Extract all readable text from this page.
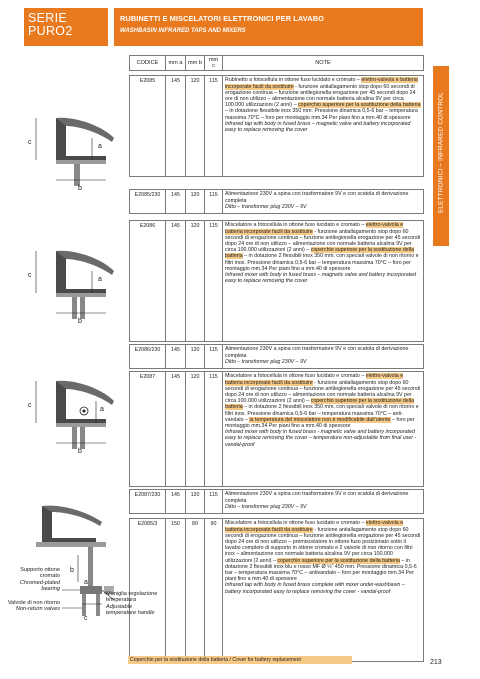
SERIE
PURO2
RUBINETTI E MISCELATORI ELETTRONICI PER LAVABO
WASHBASIN INFRARED TAPS AND MIXERS
ELETTRONICI – INFRARED CONTROL
CODICE	mm a	mm b	mm c	NOTE

E2085	145	120	115	Rubinetto a fotocellula in ottone fuso lucidato e cromato – elettro-valvola e batteria incorporate facili da sostituire - funzione antiallagamento stop dopo 60 secondi di erogazione continua – funzione antilegionella erogazione per 45 secondi dopo 24 ore di non utilizzo – alimentazione con normale batteria alcalina 9V per circa 100.000 utilizzazioni (2 anni) – coperchio superiore per la sostituzione della batteria – in dotazione flessibile inox 350 mm. Pressione dinamica 0,5-6 bar – temperatura massima 70°C – foro per montaggio mm.34 Per piani fino a mm.40 di spessore
Infrared tap with body in fused brass – magnetic valve and battery incorporated easy to replace removing the cover

E2085/230	145	120	115	Alimentazione 230V a spina con trasformatore 9V e con scatola di derivazione completa
Ditto – transformer plug 230V – 9V

E2086	145	120	115	Miscelatore a fotocellula in ottone fuso lucidato e cromato – elettro-valvola e batteria incorporate facili da sostituire - funzione antiallagamento stop dopo 60 secondi di erogazione continua – funzione antilegionella erogazione per 45 secondi dopo 24 ore di non utilizzo – alimentazione con normale batteria alcalina 9V per circa 100.000 utilizzazioni (2 anni) – coperchio superiore per la sostituzione della batteria – in dotazione 2 flessibili inox 350 mm. con speciali valvole di non ritorno e filtri inox. Pressione dinamica 0,5-6 bar – temperatura massima 70°C – foro per montaggio mm.34 Per piani fino a mm.40 di spessore
Infrared mixer with body in fused brass – magnetic valve and battery incorporated easy to replace removing the cover

E2086/230	145	120	115	Alimentazione 230V a spina con trasformatore 9V e con scatola di derivazione completa
Ditto – transformer plug 230V – 9V

E2087	145	120	115	Miscelatore a fotocellula in ottone fuso lucidato e cromato – elettro-valvola e batteria incorporate facili da sostituire - funzione antiallagamento stop dopo 60 secondi di erogazione continua – funzione antilegionella erogazione per 45 secondi dopo 24 ore di non utilizzo – alimentazione con normale batteria alcalina 9V per circa 100.000 utilizzazioni (2 anni) – coperchio superiore per la sostituzione della batteria – in dotazione 2 flessibili inox 350 mm. con speciali valvole di non ritorno e filtri inox. Pressione dinamica 0,5-6 bar – temperatura massima 70°C – anti-vandalo – la temperatura del miscelatore non è modificabile dall’utente – foro per montaggio mm.34 Per piani fino a mm.40 di spessore
Infrared mixer with body in fused brass - magnetic valve and battery incorporated easy to replace removing the cover – temperature non-adjustable from final user - vandal-proof

E2087/230	145	120	115	Alimentazione 230V a spina con trasformatore 9V e con scatola di derivazione completa
Ditto – transformer plug 230V – 9V

E2085/3	150	80	90	Miscelatore a fotocellula in ottone fuso lucidato e cromato – elettro-valvola e batteria incorporate facili da sostituire - funzione antiallagamento stop dopo 60 secondi di erogazione continua – funzione antilegionella erogazione per 45 secondi dopo 24 ore di non utilizzo – premiscelatore in ottone fuso posizionato sotto il lavabo completo di supporto in ottone cromato e 2 valvole di non ritorno con filtri inox – alimentazione con normale batteria alcalina 9V per circa 100.000 utilizzazioni (2 anni) – coperchio superiore per la sostituzione della batteria – in dotazione 2 flessibili inox blu e rosso MF Ø ½” 450 mm. Pressione dinamica 0,5-6 bar – temperatura massima 70°C – antivandalo – foro per montaggio mm.34 Per piani fino a mm.40 di spessore
Infrared tap with body in fused brass complete with mixer under-washbasin – battery incorporated easy to replace removing the cover - vandal-proof
c
a
b
c
a
b
c
a
b
b
a
c
Supporto ottone cromato
Chromed-plated bearing
Valvole di non ritorno
Non-return valves
Maniglia regolazione temperatura
Adjustable temperature handle
Coperchio per la sostituzione della batteria / Cover for battery replacement	213
